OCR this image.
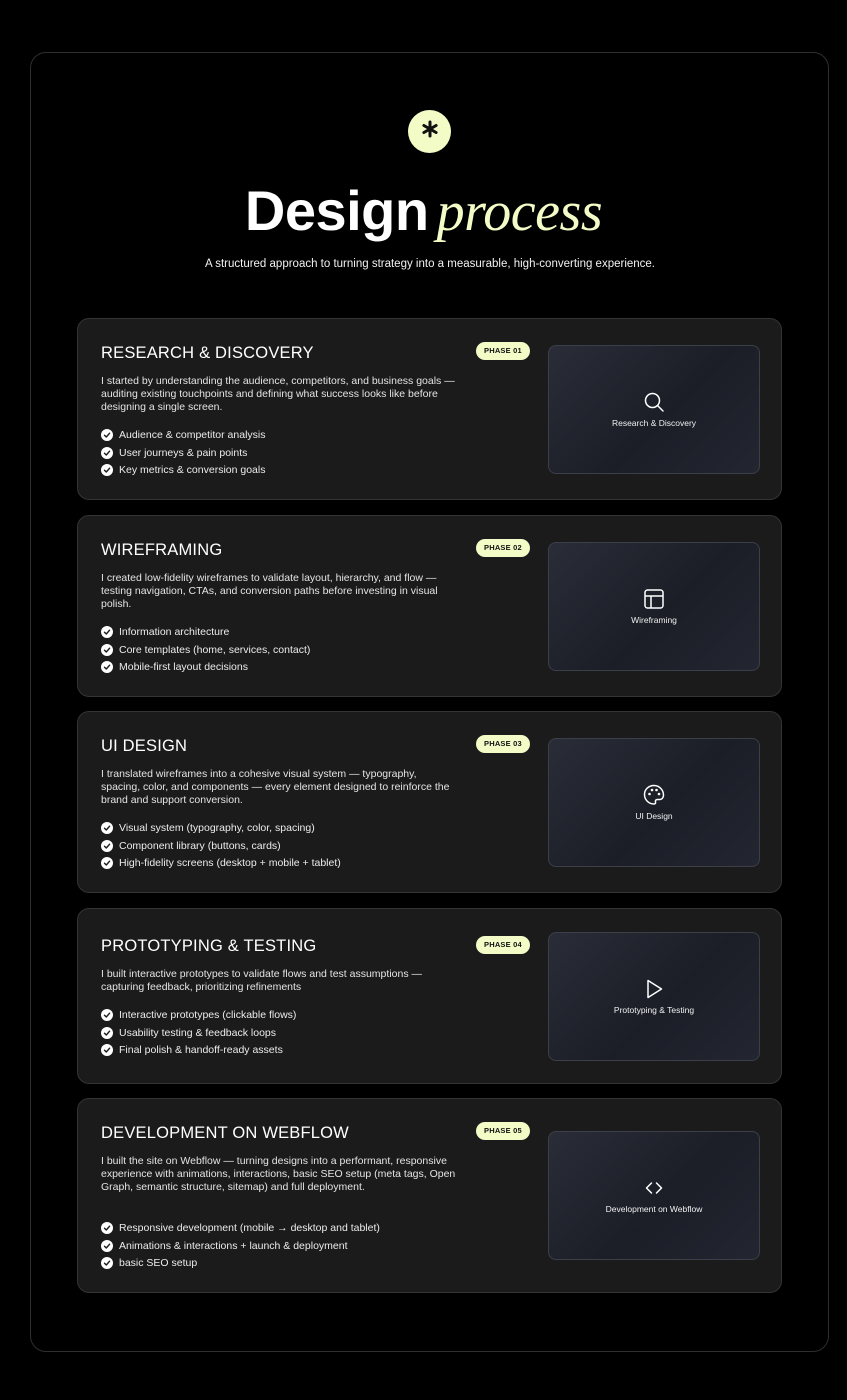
Design process
A structured approach to turning strategy into a measurable, high-converting experience.
RESEARCH & DISCOVERY	PHASE 01

I started by understanding the audience, competitors, and business goals — auditing existing touchpoints and defining what success looks like before designing a single screen.

Audience & competitor analysis
User journeys & pain points
Key metrics & conversion goals
Research & Discovery
WIREFRAMING	PHASE 02

I created low-fidelity wireframes to validate layout, hierarchy, and flow — testing navigation, CTAs, and conversion paths before investing in visual polish.

Information architecture
Core templates (home, services, contact)
Mobile-first layout decisions
Wireframing
UI DESIGN	PHASE 03

I translated wireframes into a cohesive visual system — typography, spacing, color, and components — every element designed to reinforce the brand and support conversion.

Visual system (typography, color, spacing)
Component library (buttons, cards)
High-fidelity screens (desktop + mobile + tablet)
UI Design
PROTOTYPING & TESTING	PHASE 04

I built interactive prototypes to validate flows and test assumptions — capturing feedback, prioritizing refinements

Interactive prototypes (clickable flows)
Usability testing & feedback loops
Final polish & handoff-ready assets
Prototyping & Testing
DEVELOPMENT ON WEBFLOW	PHASE 05

I built the site on Webflow — turning designs into a performant, responsive experience with animations, interactions, basic SEO setup (meta tags, Open Graph, semantic structure, sitemap) and full deployment.

Responsive development (mobile → desktop and tablet)
Animations & interactions + launch & deployment
basic SEO setup
Development on Webflow
